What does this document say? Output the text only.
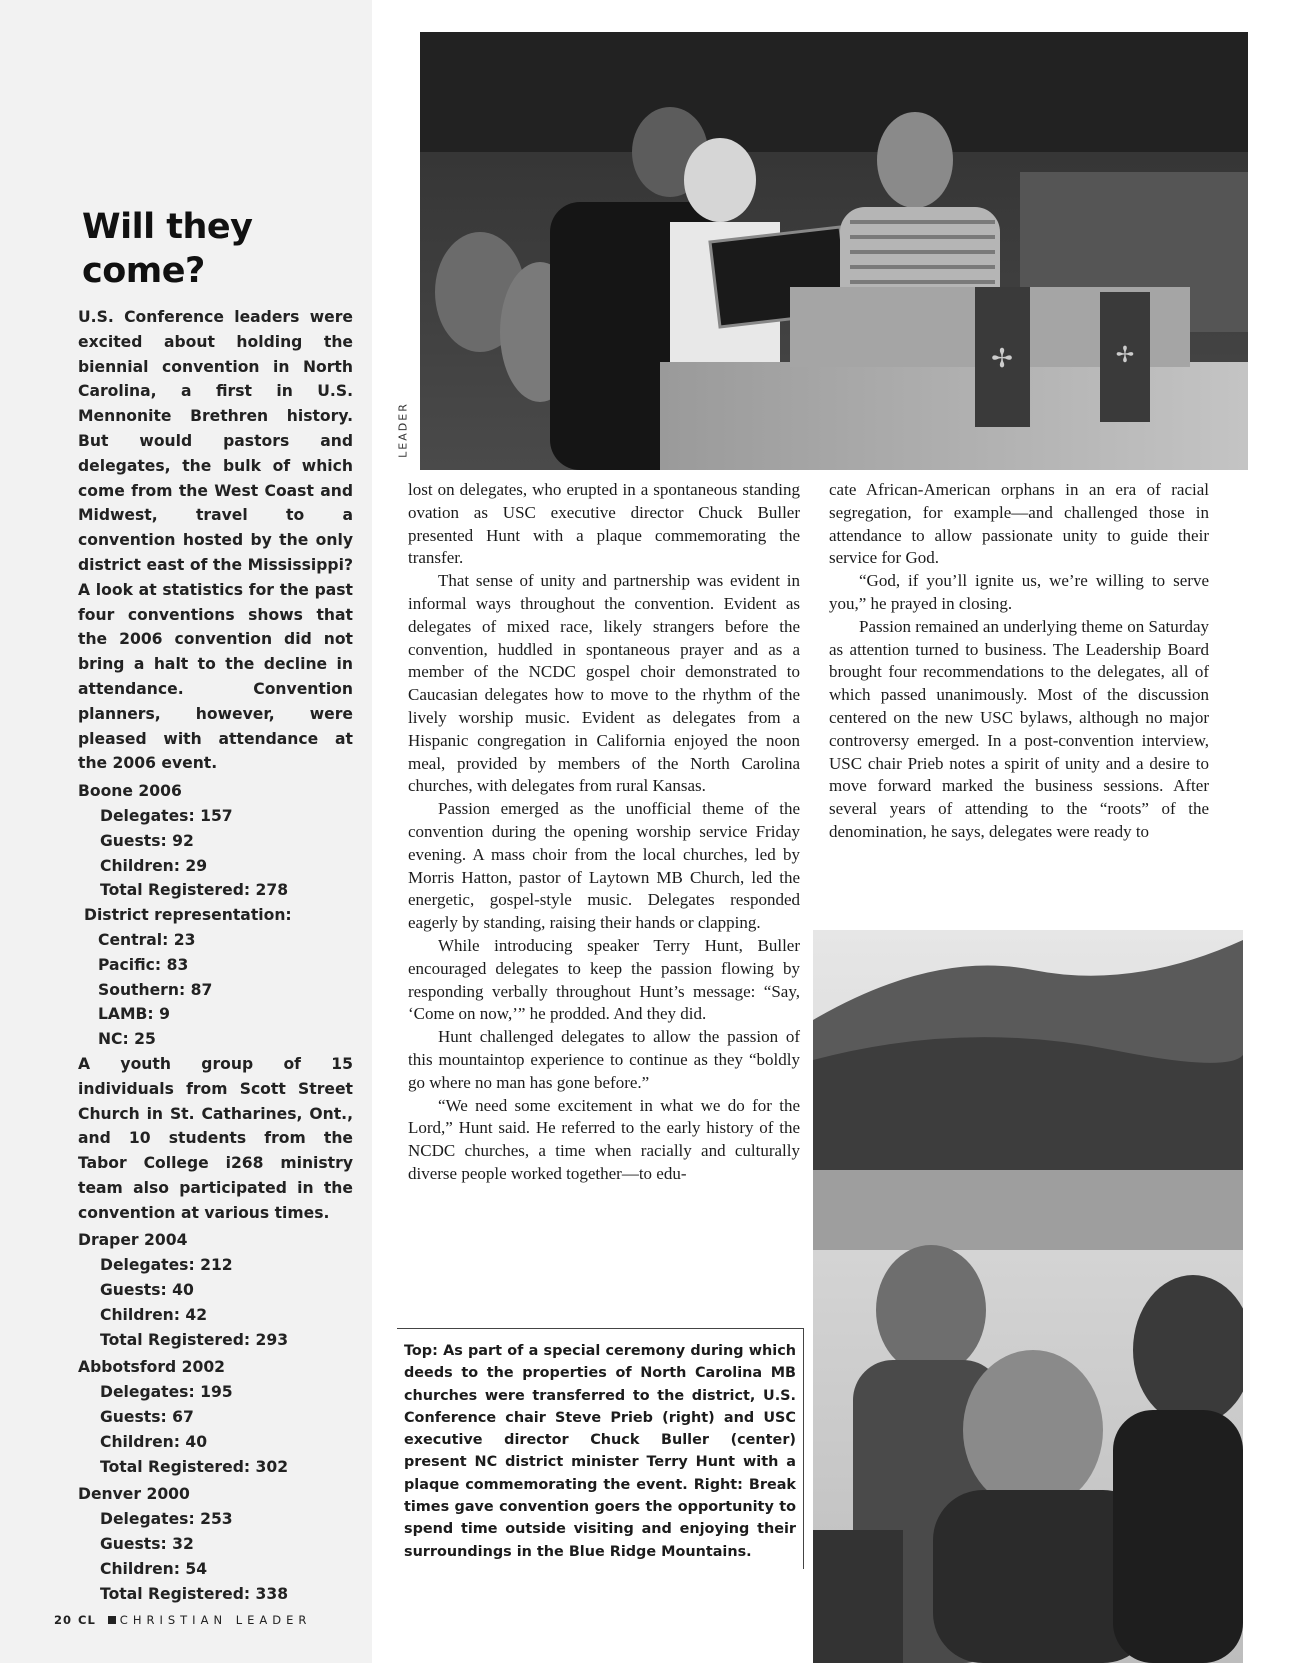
Will they come?

U.S. Conference leaders were excited about holding the biennial convention in North Carolina, a first in U.S. Mennonite Brethren history. But would pastors and delegates, the bulk of which come from the West Coast and Midwest, travel to a convention hosted by the only district east of the Mississippi? A look at statistics for the past four conventions shows that the 2006 convention did not bring a halt to the decline in attendance. Convention planners, however, were pleased with attendance at the 2006 event.

Boone 2006
Delegates: 157
Guests: 92
Children: 29
Total Registered: 278
District representation:
Central: 23
Pacific: 83
Southern: 87
LAMB: 9
NC: 25

A youth group of 15 individuals from Scott Street Church in St. Catharines, Ont., and 10 students from the Tabor College i268 ministry team also participated in the convention at various times.

Draper 2004
Delegates: 212
Guests: 40
Children: 42
Total Registered: 293
Abbotsford 2002
Delegates: 195
Guests: 67
Children: 40
Total Registered: 302
Denver 2000
Delegates: 253
Guests: 32
Children: 54
Total Registered: 338
✢	✢
LEADER

lost on delegates, who erupted in a spontaneous standing ovation as USC executive director Chuck Buller presented Hunt with a plaque commemorating the transfer.

That sense of unity and partnership was evident in informal ways throughout the convention. Evident as delegates of mixed race, likely strangers before the convention, huddled in spontaneous prayer and as a member of the NCDC gospel choir demonstrated to Caucasian delegates how to move to the rhythm of the lively worship music. Evident as delegates from a Hispanic congregation in California enjoyed the noon meal, provided by members of the North Carolina churches, with delegates from rural Kansas.

Passion emerged as the unofficial theme of the convention during the opening worship service Friday evening. A mass choir from the local churches, led by Morris Hatton, pastor of Laytown MB Church, led the energetic, gospel-style music. Delegates responded eagerly by standing, raising their hands or clapping.

While introducing speaker Terry Hunt, Buller encouraged delegates to keep the passion flowing by responding verbally throughout Hunt’s message: “Say, ‘Come on now,’” he prodded. And they did.

Hunt challenged delegates to allow the passion of this mountaintop experience to continue as they “boldly go where no man has gone before.”

“We need some excitement in what we do for the Lord,” Hunt said. He referred to the early history of the NCDC churches, a time when racially and culturally diverse people worked together—to edu-

cate African-American orphans in an era of racial segregation, for example—and challenged those in attendance to allow passionate unity to guide their service for God.

“God, if you’ll ignite us, we’re willing to serve you,” he prayed in closing.

Passion remained an underlying theme on Saturday as attention turned to business. The Leadership Board brought four recommendations to the delegates, all of which passed unanimously. Most of the discussion centered on the new USC bylaws, although no major controversy emerged. In a post-convention interview, USC chair Prieb notes a spirit of unity and a desire to move forward marked the business sessions. After several years of attending to the “roots” of the denomination, he says, delegates were ready to

Top: As part of a special ceremony during which deeds to the properties of North Carolina MB churches were transferred to the district, U.S. Conference chair Steve Prieb (right) and USC executive director Chuck Buller (center) present NC district minister Terry Hunt with a plaque commemorating the event. Right: Break times gave convention goers the opportunity to spend time outside visiting and enjoying their surroundings in the Blue Ridge Mountains.
20 CL CHRISTIAN LEADER
